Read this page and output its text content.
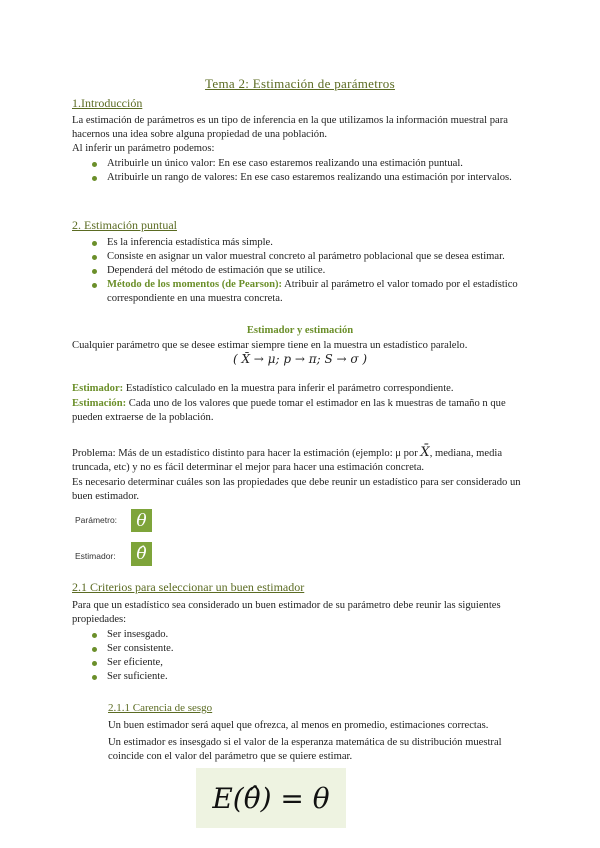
Tema 2: Estimación de parámetros
1.Introducción
La estimación de parámetros es un tipo de inferencia en la que utilizamos la información muestral para hacernos una idea sobre alguna propiedad de una población.
Al inferir un parámetro podemos:
Atribuirle un único valor: En ese caso estaremos realizando una estimación puntual.
Atribuirle un rango de valores: En ese caso estaremos realizando una estimación por intervalos.
2. Estimación puntual
Es la inferencia estadística más simple.
Consiste en asignar un valor muestral concreto al parámetro poblacional que se desea estimar.
Dependerá del método de estimación que se utilice.
Método de los momentos (de Pearson): Atribuir al parámetro el valor tomado por el estadístico correspondiente en una muestra concreta.
Estimador y estimación
Cualquier parámetro que se desee estimar siempre tiene en la muestra un estadístico paralelo.
( X̄ → μ; p → π; S → σ )
Estimador: Estadístico calculado en la muestra para inferir el parámetro correspondiente.
Estimación: Cada uno de los valores que puede tomar el estimador en las k muestras de tamaño n que pueden extraerse de la población.
Problema: Más de un estadístico distinto para hacer la estimación (ejemplo: μ por X̄, mediana, media truncada, etc) y no es fácil determinar el mejor para hacer una estimación concreta.
Es necesario determinar cuáles son las propiedades que debe reunir un estadístico para ser considerado un buen estimador.
Parámetro:	θ
Estimador:	θ̂
2.1 Criterios para seleccionar un buen estimador
Para que un estadístico sea considerado un buen estimador de su parámetro debe reunir las siguientes propiedades:
Ser insesgado.
Ser consistente.
Ser eficiente,
Ser suficiente.
2.1.1 Carencia de sesgo
Un buen estimador será aquel que ofrezca, al menos en promedio, estimaciones correctas.
Un estimador es insesgado si el valor de la esperanza matemática de su distribución muestral coincide con el valor del parámetro que se quiere estimar.
E(θ̂) = θ
